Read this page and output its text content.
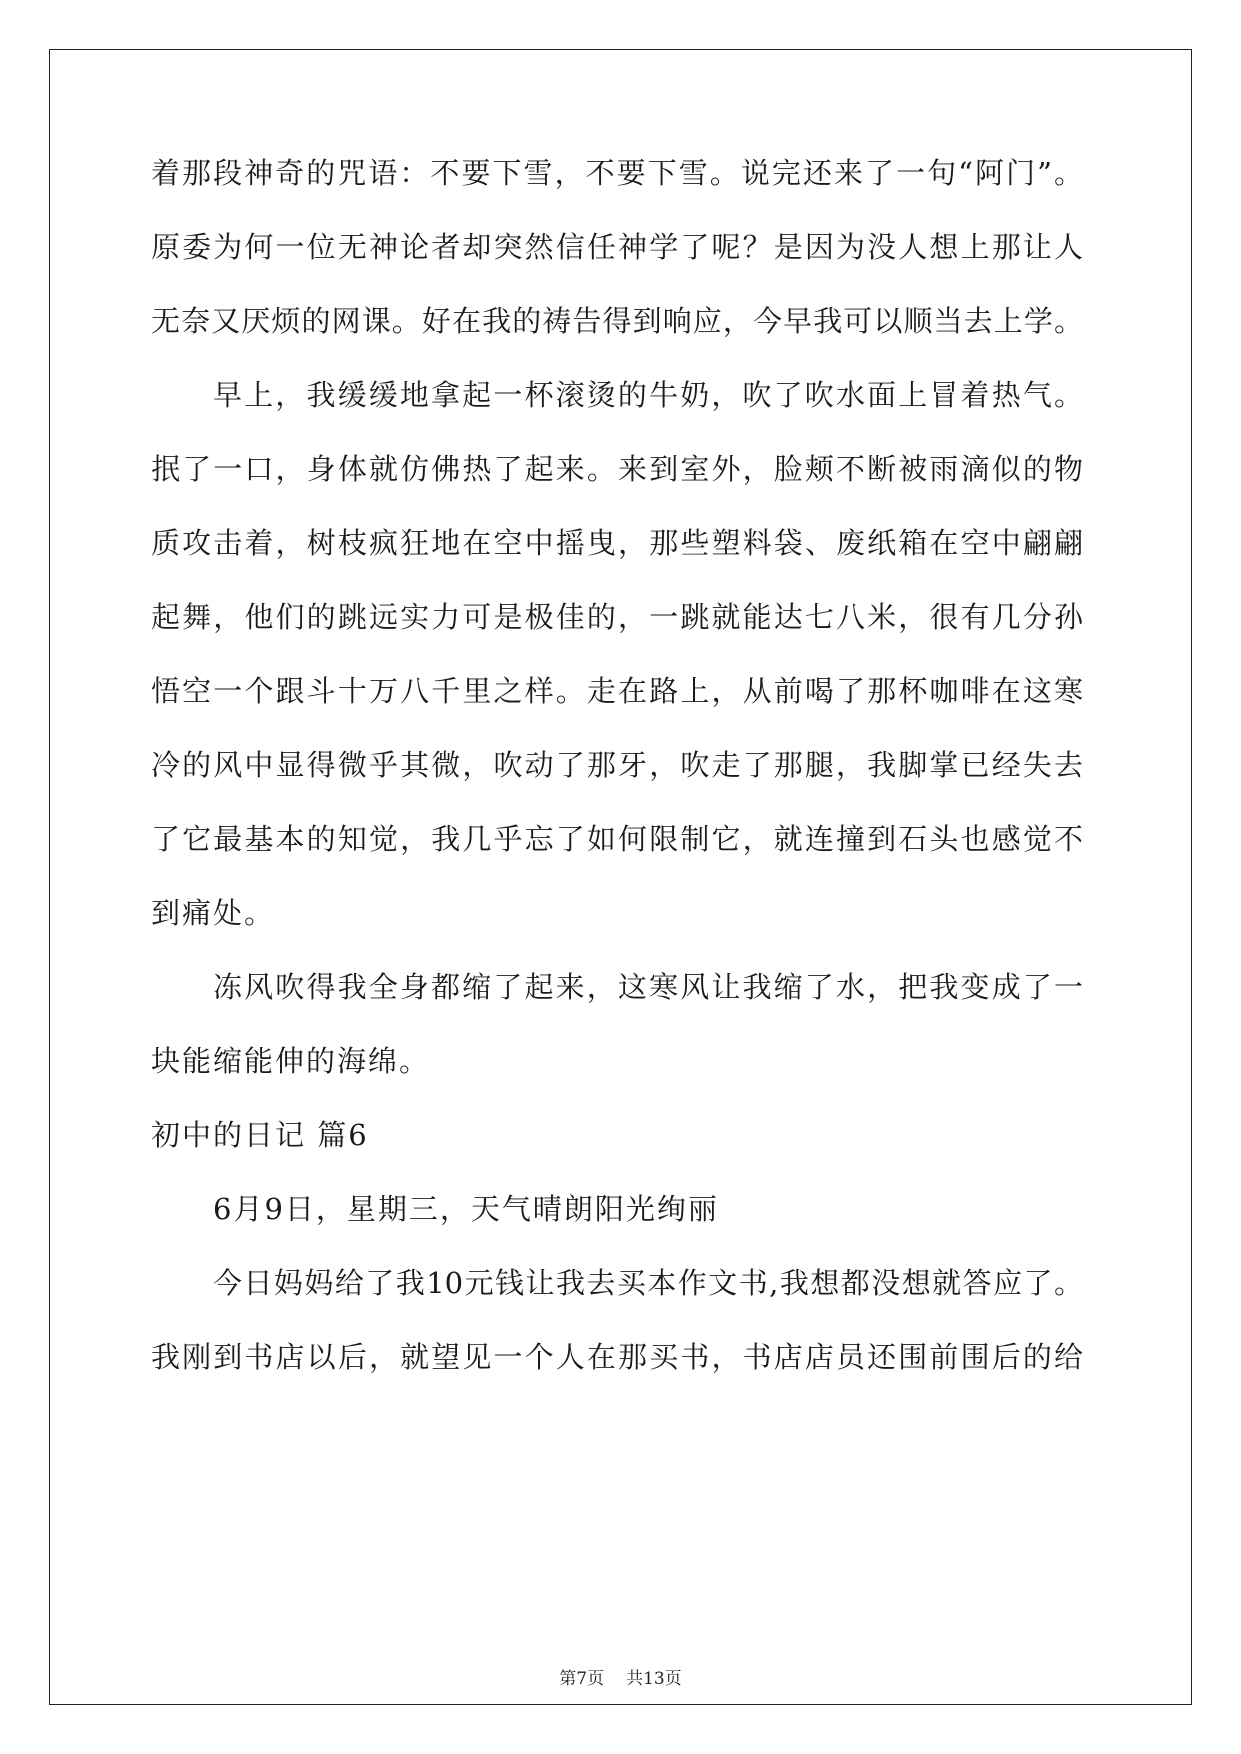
着那段神奇的咒语：不要下雪，不要下雪。说完还来了一句“阿门”。
原委为何一位无神论者却突然信任神学了呢？是因为没人想上那让人
无奈又厌烦的网课。好在我的祷告得到响应，今早我可以顺当去上学。
早上，我缓缓地拿起一杯滚烫的牛奶，吹了吹水面上冒着热气。
抿了一口，身体就仿佛热了起来。来到室外，脸颊不断被雨滴似的物
质攻击着，树枝疯狂地在空中摇曳，那些塑料袋、废纸箱在空中翩翩
起舞，他们的跳远实力可是极佳的，一跳就能达七八米，很有几分孙
悟空一个跟斗十万八千里之样。走在路上，从前喝了那杯咖啡在这寒
冷的风中显得微乎其微，吹动了那牙，吹走了那腿，我脚掌已经失去
了它最基本的知觉，我几乎忘了如何限制它，就连撞到石头也感觉不
到痛处。
冻风吹得我全身都缩了起来，这寒风让我缩了水，把我变成了一
块能缩能伸的海绵。
初中的日记 篇6
6月9日，星期三，天气晴朗阳光绚丽
今日妈妈给了我10元钱让我去买本作文书,我想都没想就答应了。
我刚到书店以后，就望见一个人在那买书，书店店员还围前围后的给
第7页 共13页
